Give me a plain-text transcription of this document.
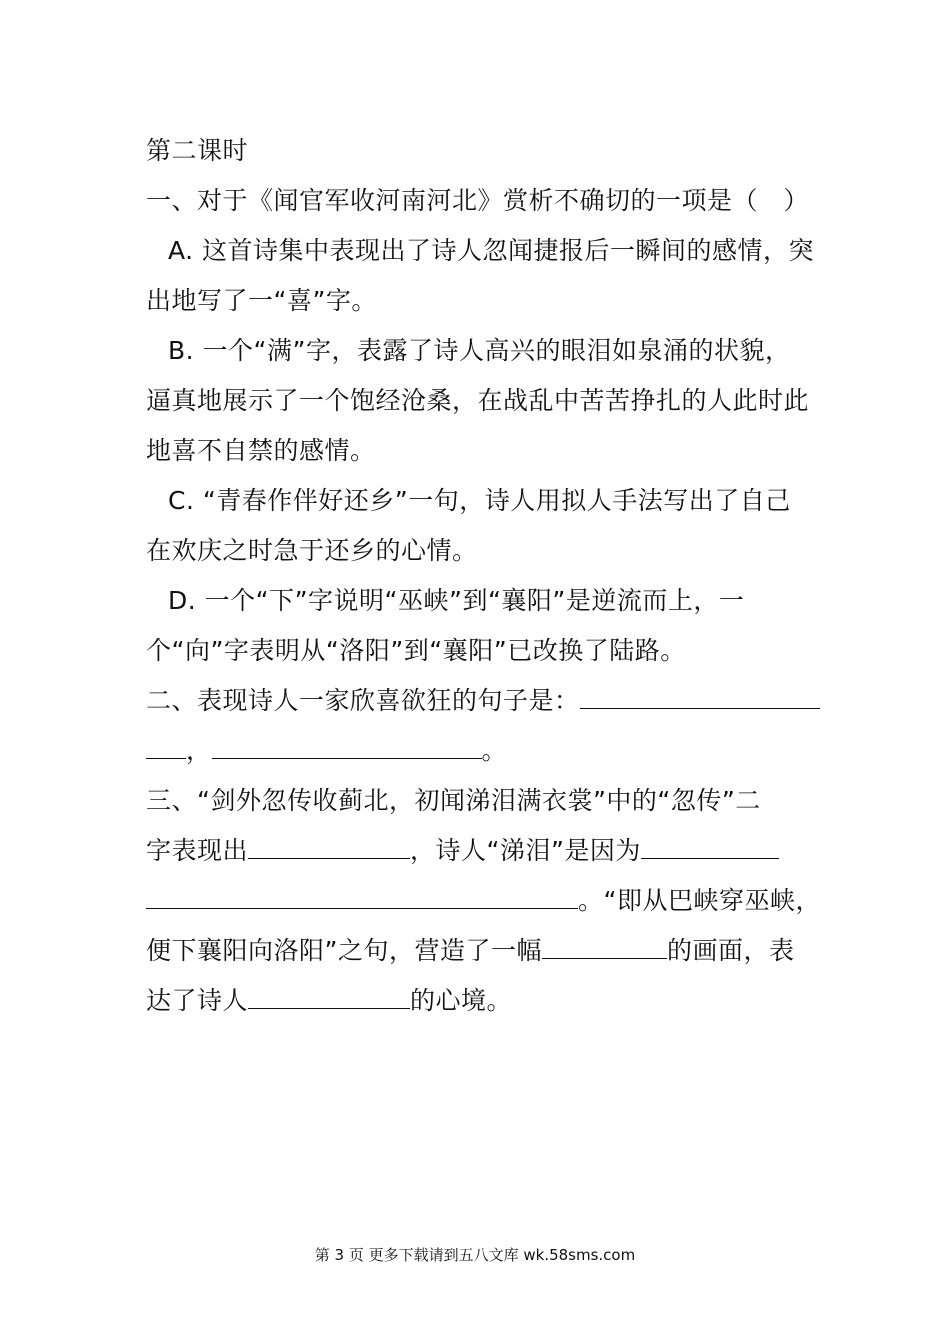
第二课时
一、对于《闻官军收河南河北》赏析不确切的一项是（　）
A. 这首诗集中表现出了诗人忽闻捷报后一瞬间的感情，突
出地写了一“喜”字。
B. 一个“满”字，表露了诗人高兴的眼泪如泉涌的状貌，
逼真地展示了一个饱经沧桑，在战乱中苦苦挣扎的人此时此
地喜不自禁的感情。
C. “青春作伴好还乡”一句，诗人用拟人手法写出了自己
在欢庆之时急于还乡的心情。
D. 一个“下”字说明“巫峡”到“襄阳”是逆流而上，一
个“向”字表明从“洛阳”到“襄阳”已改换了陆路。
二、表现诗人一家欣喜欲狂的句子是：
，	。
三、“剑外忽传收蓟北，初闻涕泪满衣裳”中的“忽传”二
字表现出	，诗人“涕泪”是因为
。“即从巴峡穿巫峡，
便下襄阳向洛阳”之句，营造了一幅	的画面，表
达了诗人	的心境。
第 3 页 更多下载请到五八文库 wk.58sms.com
